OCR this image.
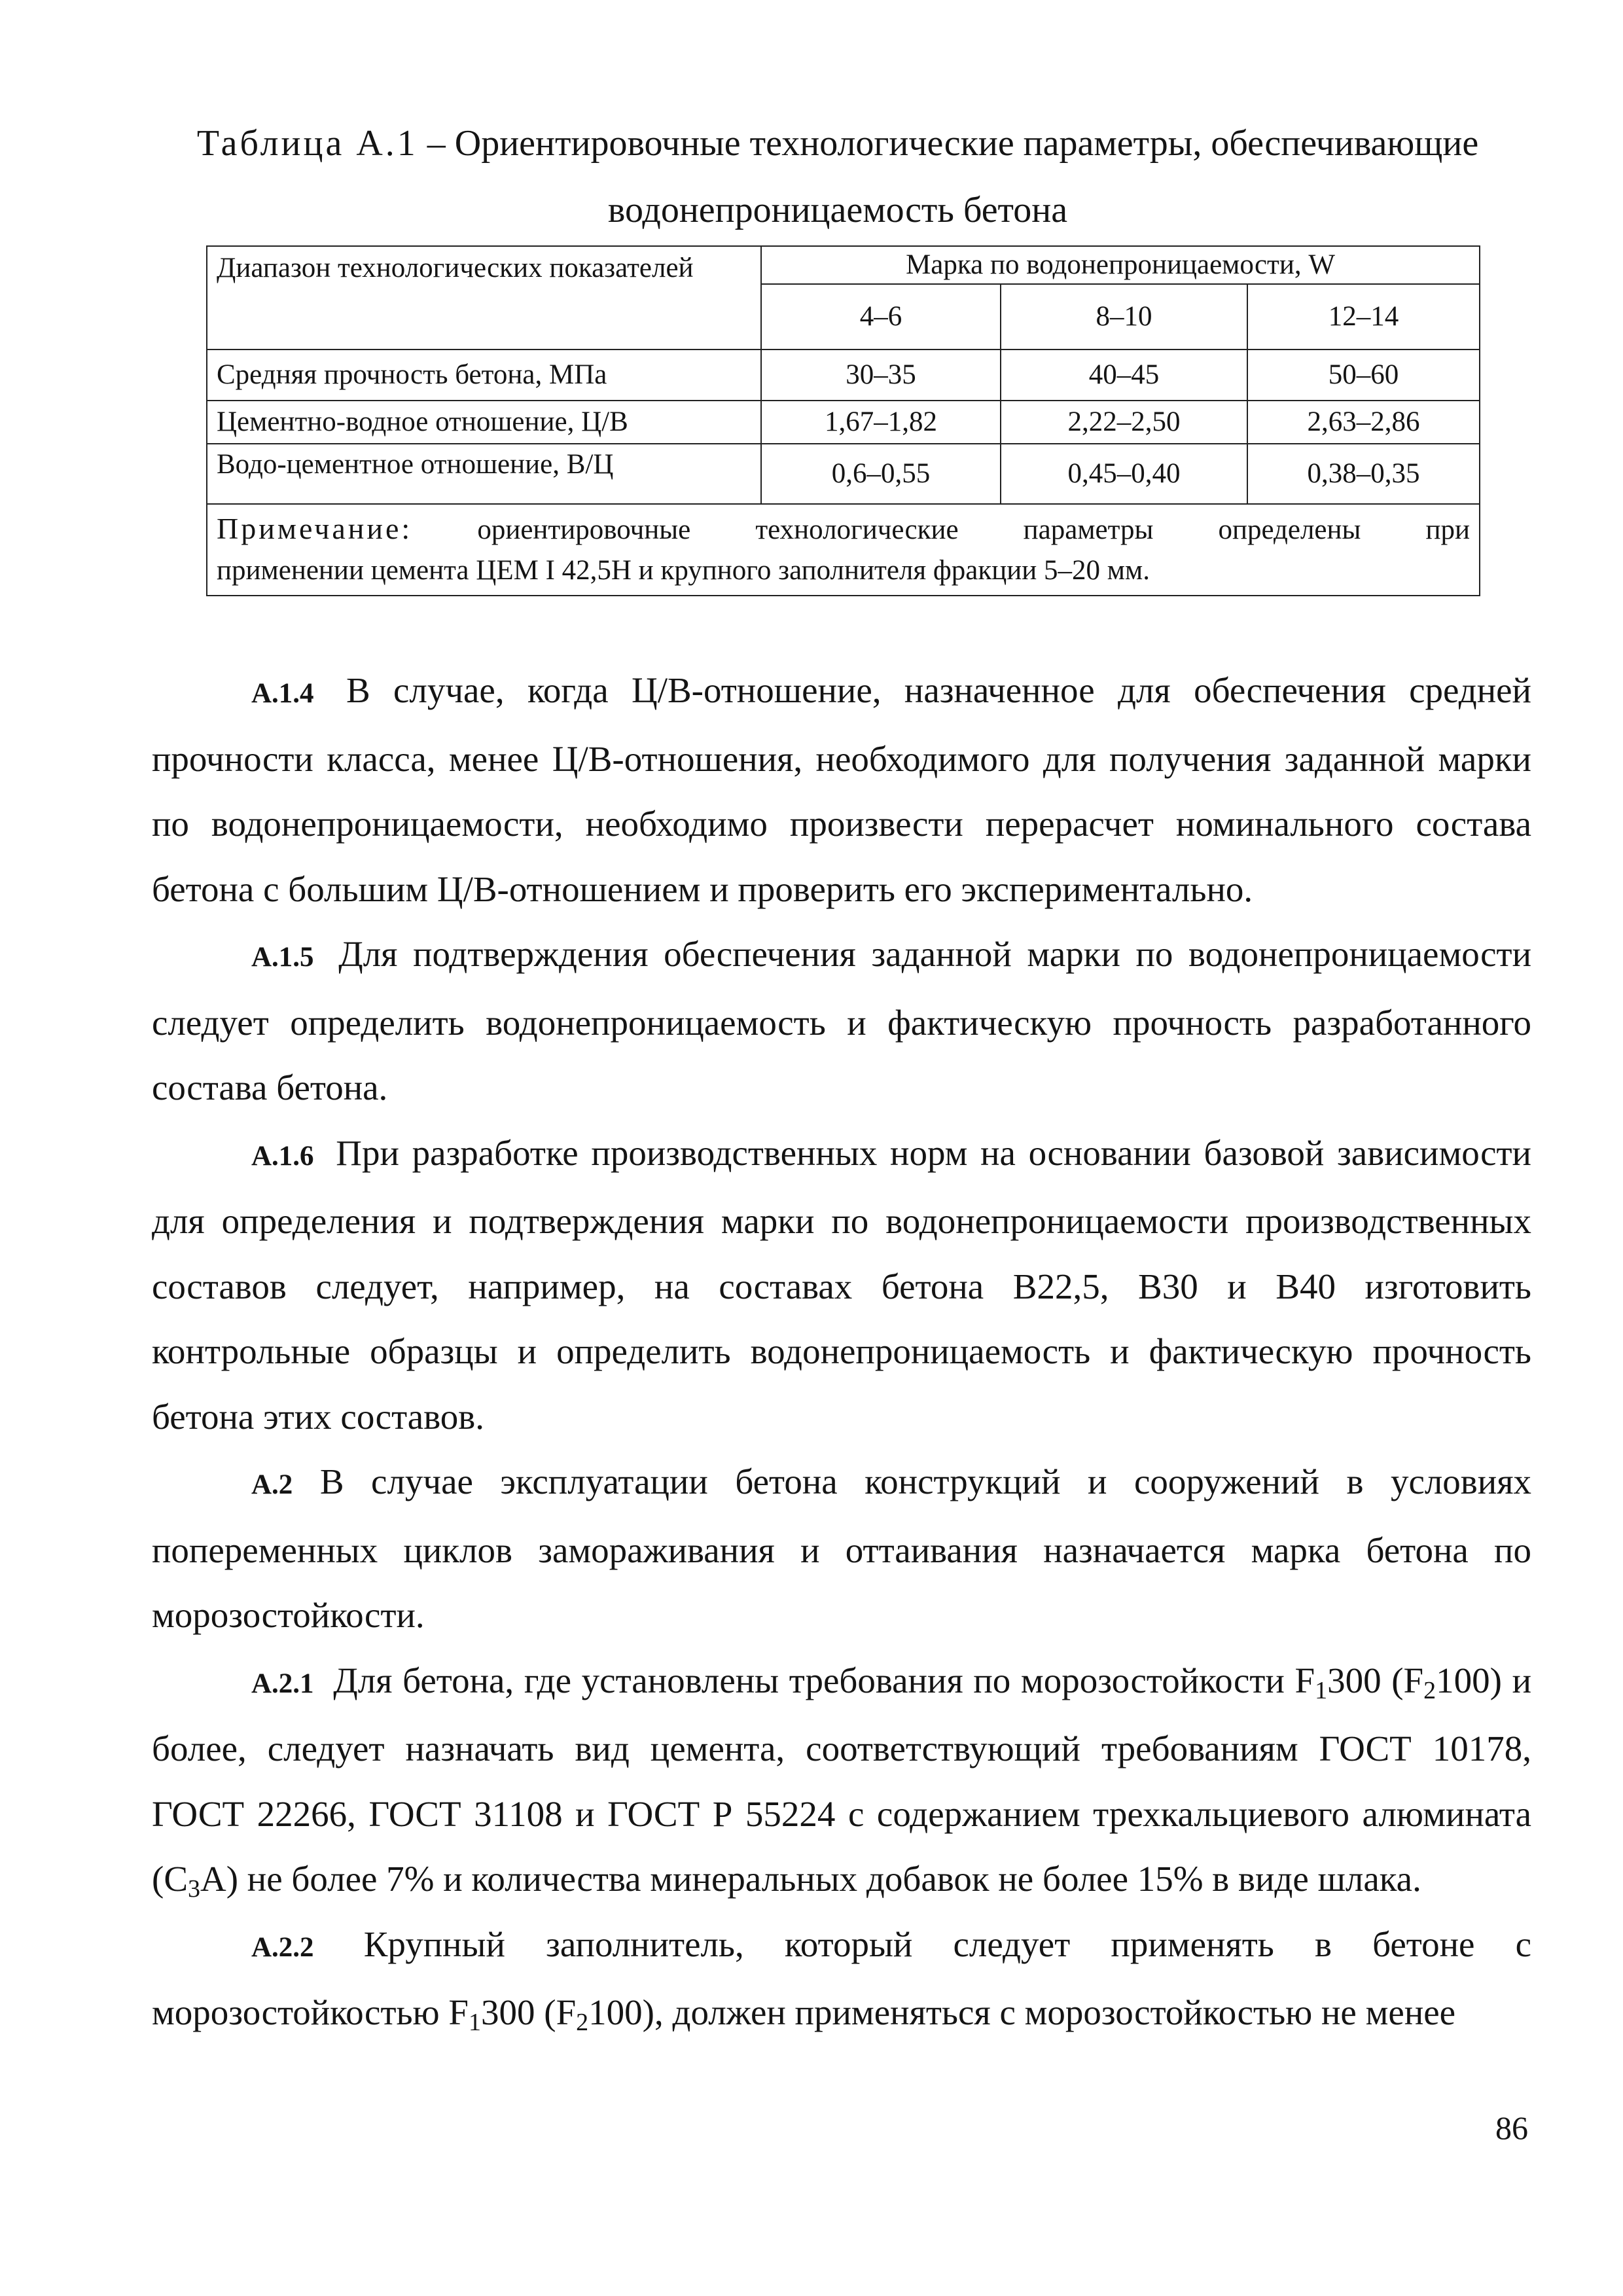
Таблица А.1 – Ориентировочные технологические параметры, обеспечивающие
водонепроницаемость бетона
Диапазон технологических показателей	Марка по водонепроницаемости, W		
	4–6	8–10	12–14
Средняя прочность бетона, МПа	30–35	40–45	50–60
Цементно-водное отношение, Ц/В	1,67–1,82	2,22–2,50	2,63–2,86
Водо-цементное отношение, В/Ц	0,6–0,55	0,45–0,40	0,38–0,35

Примечание: ориентировочные технологические параметры определены при
применении цемента ЦЕМ I 42,5Н и крупного заполнителя фракции 5–20 мм.			

А.1.4 В случае, когда Ц/В-отношение, назначенное для обеспечения средней прочности класса, менее Ц/В-отношения, необходимого для получения заданной марки по водонепроницаемости, необходимо произвести перерасчет номинального состава бетона с большим Ц/В-отношением и проверить его экспериментально.

А.1.5 Для подтверждения обеспечения заданной марки по водонепроницаемости следует определить водонепроницаемость и фактическую прочность разработанного состава бетона.

А.1.6 При разработке производственных норм на основании базовой зависимости для определения и подтверждения марки по водонепроницаемости производственных составов следует, например, на составах бетона В22,5, В30 и В40 изготовить контрольные образцы и определить водонепроницаемость и фактическую прочность бетона этих составов.

А.2 В случае эксплуатации бетона конструкций и сооружений в условиях попеременных циклов замораживания и оттаивания назначается марка бетона по морозостойкости.

А.2.1 Для бетона, где установлены требования по морозостойкости $F_1300$ $(F_2100)$ и более, следует назначать вид цемента, соответствующий требованиям ГОСТ 10178, ГОСТ 22266, ГОСТ 31108 и ГОСТ Р 55224 с содержанием трехкальциевого алюмината $(С_3А)$ не более 7% и количества минеральных добавок не более 15% в виде шлака.

А.2.2 Крупный заполнитель, который следует применять в бетоне с морозостойкостью $F_1300$ $(F_2100)$, должен применяться с морозостойкостью не менее

86
